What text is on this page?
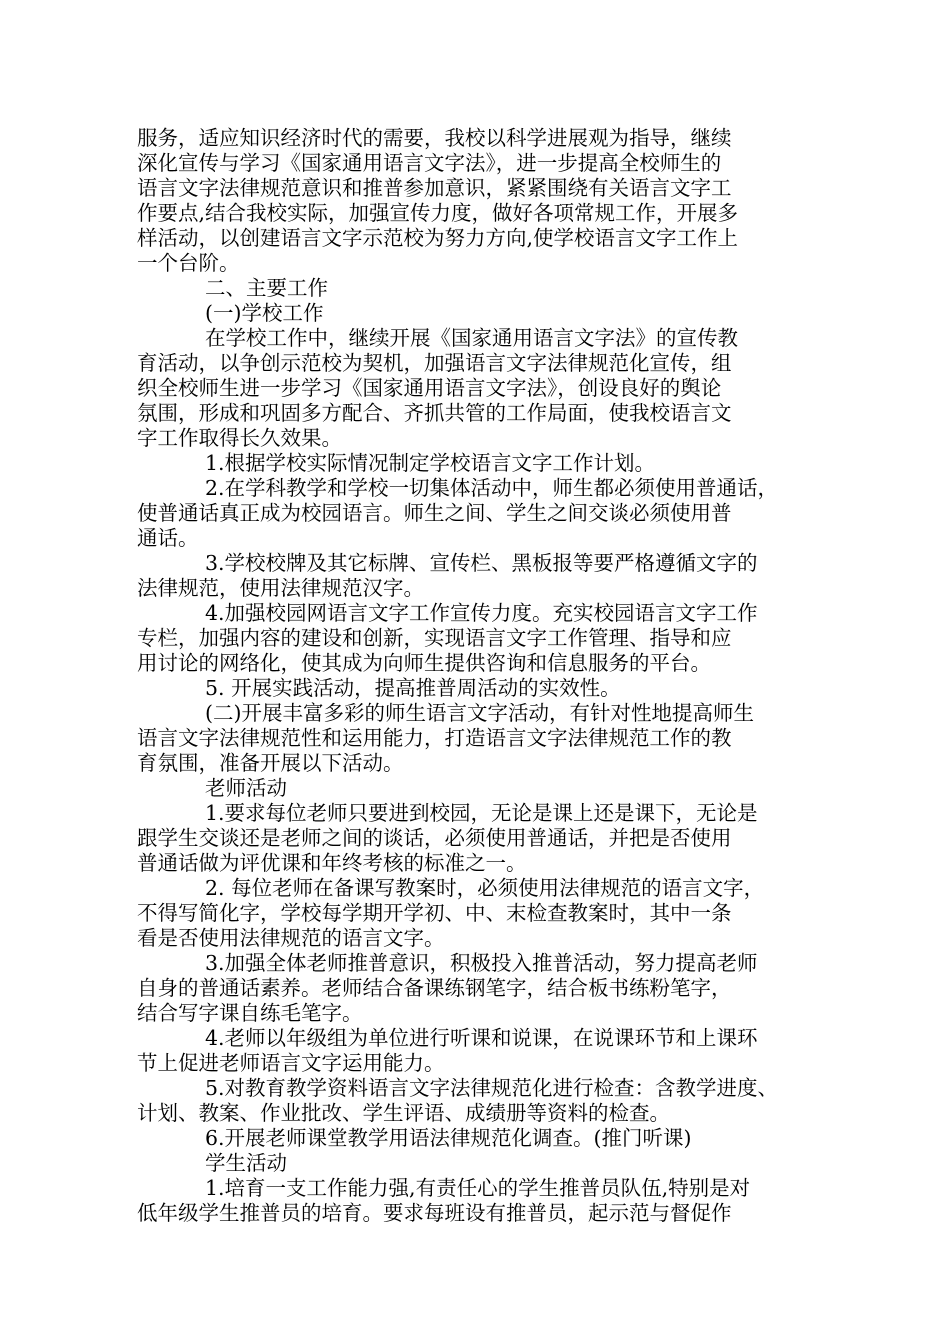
服务，适应知识经济时代的需要，我校以科学进展观为指导，继续
深化宣传与学习《国家通用语言文字法》，进一步提高全校师生的
语言文字法律规范意识和推普参加意识，紧紧围绕有关语言文字工
作要点,结合我校实际，加强宣传力度，做好各项常规工作，开展多
样活动，以创建语言文字示范校为努力方向,使学校语言文字工作上
一个台阶。
二、主要工作
(一)学校工作
在学校工作中，继续开展《国家通用语言文字法》的宣传教
育活动，以争创示范校为契机，加强语言文字法律规范化宣传，组
织全校师生进一步学习《国家通用语言文字法》，创设良好的舆论
氛围，形成和巩固多方配合、齐抓共管的工作局面，使我校语言文
字工作取得长久效果。
1.根据学校实际情况制定学校语言文字工作计划。
2.在学科教学和学校一切集体活动中，师生都必须使用普通话，
使普通话真正成为校园语言。师生之间、学生之间交谈必须使用普
通话。
3.学校校牌及其它标牌、宣传栏、黑板报等要严格遵循文字的
法律规范，使用法律规范汉字。
4.加强校园网语言文字工作宣传力度。充实校园语言文字工作
专栏，加强内容的建设和创新，实现语言文字工作管理、指导和应
用讨论的网络化，使其成为向师生提供咨询和信息服务的平台。
5. 开展实践活动，提高推普周活动的实效性。
(二)开展丰富多彩的师生语言文字活动，有针对性地提高师生
语言文字法律规范性和运用能力，打造语言文字法律规范工作的教
育氛围，准备开展以下活动。
老师活动
1.要求每位老师只要进到校园，无论是课上还是课下，无论是
跟学生交谈还是老师之间的谈话，必须使用普通话，并把是否使用
普通话做为评优课和年终考核的标准之一。
2. 每位老师在备课写教案时，必须使用法律规范的语言文字，
不得写简化字，学校每学期开学初、中、末检查教案时，其中一条
看是否使用法律规范的语言文字。
3.加强全体老师推普意识，积极投入推普活动，努力提高老师
自身的普通话素养。老师结合备课练钢笔字，结合板书练粉笔字，
结合写字课自练毛笔字。
4.老师以年级组为单位进行听课和说课，在说课环节和上课环
节上促进老师语言文字运用能力。
5.对教育教学资料语言文字法律规范化进行检查：含教学进度、
计划、教案、作业批改、学生评语、成绩册等资料的检查。
6.开展老师课堂教学用语法律规范化调查。(推门听课)
学生活动
1.培育一支工作能力强,有责任心的学生推普员队伍,特别是对
低年级学生推普员的培育。要求每班设有推普员，起示范与督促作
